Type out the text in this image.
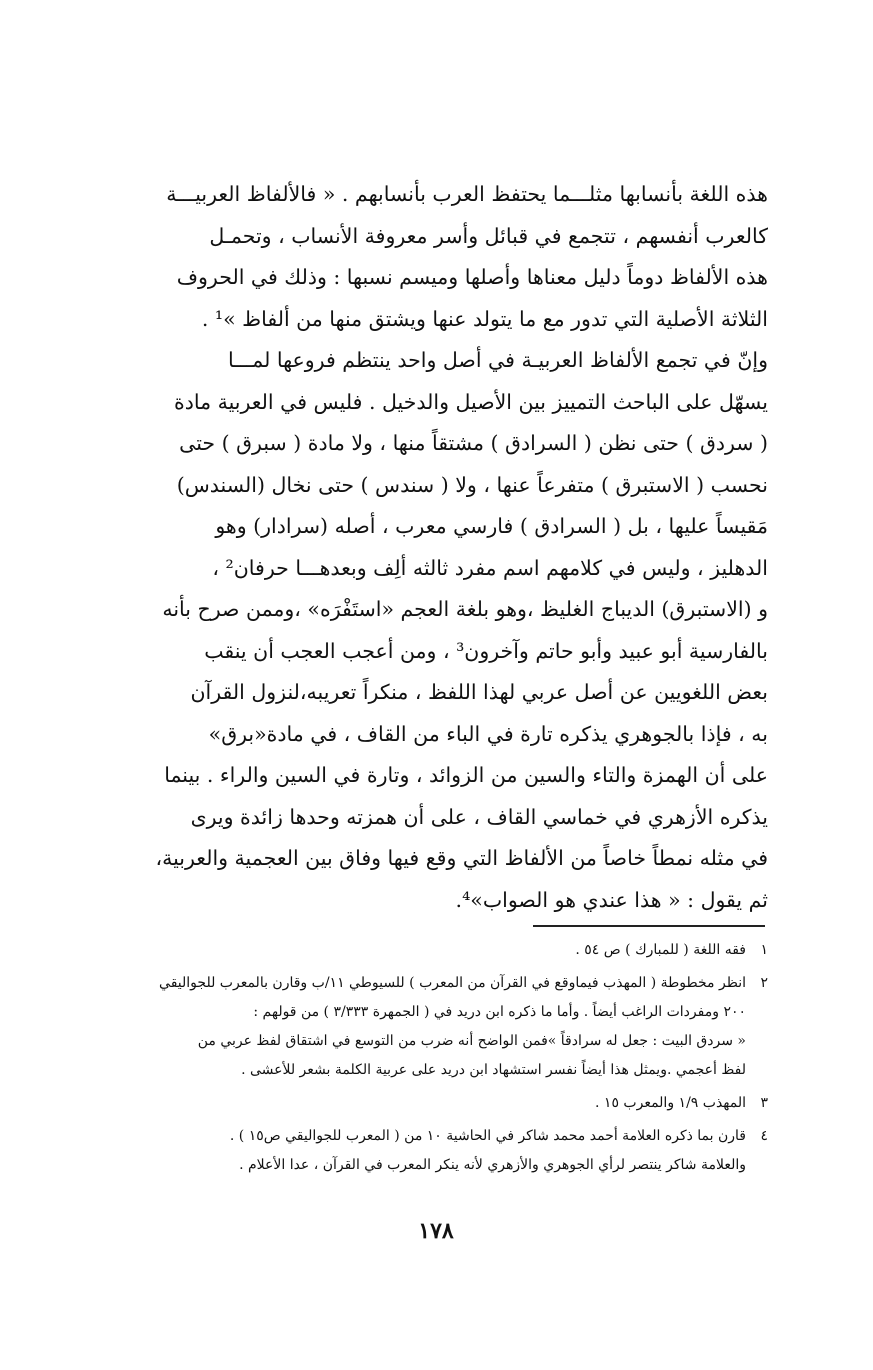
هذه اللغة بأنسابها مثلـــما يحتفظ العرب بأنسابهم . « فالألفاظ العربيـــة
كالعرب أنفسهم ، تتجمع في قبائل وأسر معروفة الأنساب ، وتحمـل
هذه الألفاظ دوماً دليل معناها وأصلها وميسم نسبها : وذلك في الحروف
الثلاثة الأصلية التي تدور مع ما يتولد عنها ويشتق منها من ألفاظ »¹ .
وإنّ في تجمع الألفاظ العربيـة في أصل واحد ينتظم فروعها لمـــا
يسهّل على الباحث التمييز بين الأصيل والدخيل . فليس في العربية مادة
( سردق ) حتى نظن ( السرادق ) مشتقاً منها ، ولا مادة ( سبرق ) حتى
نحسب ( الاستبرق ) متفرعاً عنها ، ولا ( سندس ) حتى نخال (السندس)
مَقيساً عليها ، بل ( السرادق ) فارسي معرب ، أصله (سرادار) وهو
الدهليز ، وليس في كلامهم اسم مفرد ثالثه ألِف وبعدهـــا حرفان² ،
و (الاستبرق) الديباج الغليظ ،وهو بلغة العجم «استَفْرَه» ،وممن صرح بأنه
بالفارسية أبو عبيد وأبو حاتم وآخرون³ ، ومن أعجب العجب أن ينقب
بعض اللغويين عن أصل عربي لهذا اللفظ ، منكراً تعريبه،لنزول القرآن
به ، فإذا بالجوهري يذكره تارة في الباء من القاف ، في مادة«برق»
على أن الهمزة والتاء والسين من الزوائد ، وتارة في السين والراء . بينما
يذكره الأزهري في خماسي القاف ، على أن همزته وحدها زائدة ويرى
في مثله نمطاً خاصاً من الألفاظ التي وقع فيها وفاق بين العجمية والعربية،
ثم يقول : « هذا عندي هو الصواب»⁴.
١
فقه اللغة ( للمبارك ) ص ٥٤ .
٢
انظر مخطوطة ( المهذب فيماوقع في القرآن من المعرب ) للسيوطي ١١/ب وقارن بالمعرب للجواليقي
٢٠٠ ومفردات الراغب أيضاً . وأما ما ذكره ابن دريد في ( الجمهرة ٣/٣٣٣ ) من قولهم :
« سردق البيت : جعل له سرادقاً »فمن الواضح أنه ضرب من التوسع في اشتقاق لفظ عربي من
لفظ أعجمي .ويمثل هذا أيضاً نفسر استشهاد ابن دريد على عربية الكلمة بشعر للأعشى .
٣
المهذب ١/٩ والمعرب ١٥ .
٤
قارن بما ذكره العلامة أحمد محمد شاكر في الحاشية ١٠ من ( المعرب للجواليقي ص١٥ ) .
والعلامة شاكر ينتصر لرأي الجوهري والأزهري لأنه ينكر المعرب في القرآن ، عدا الأعلام .
١٧٨
